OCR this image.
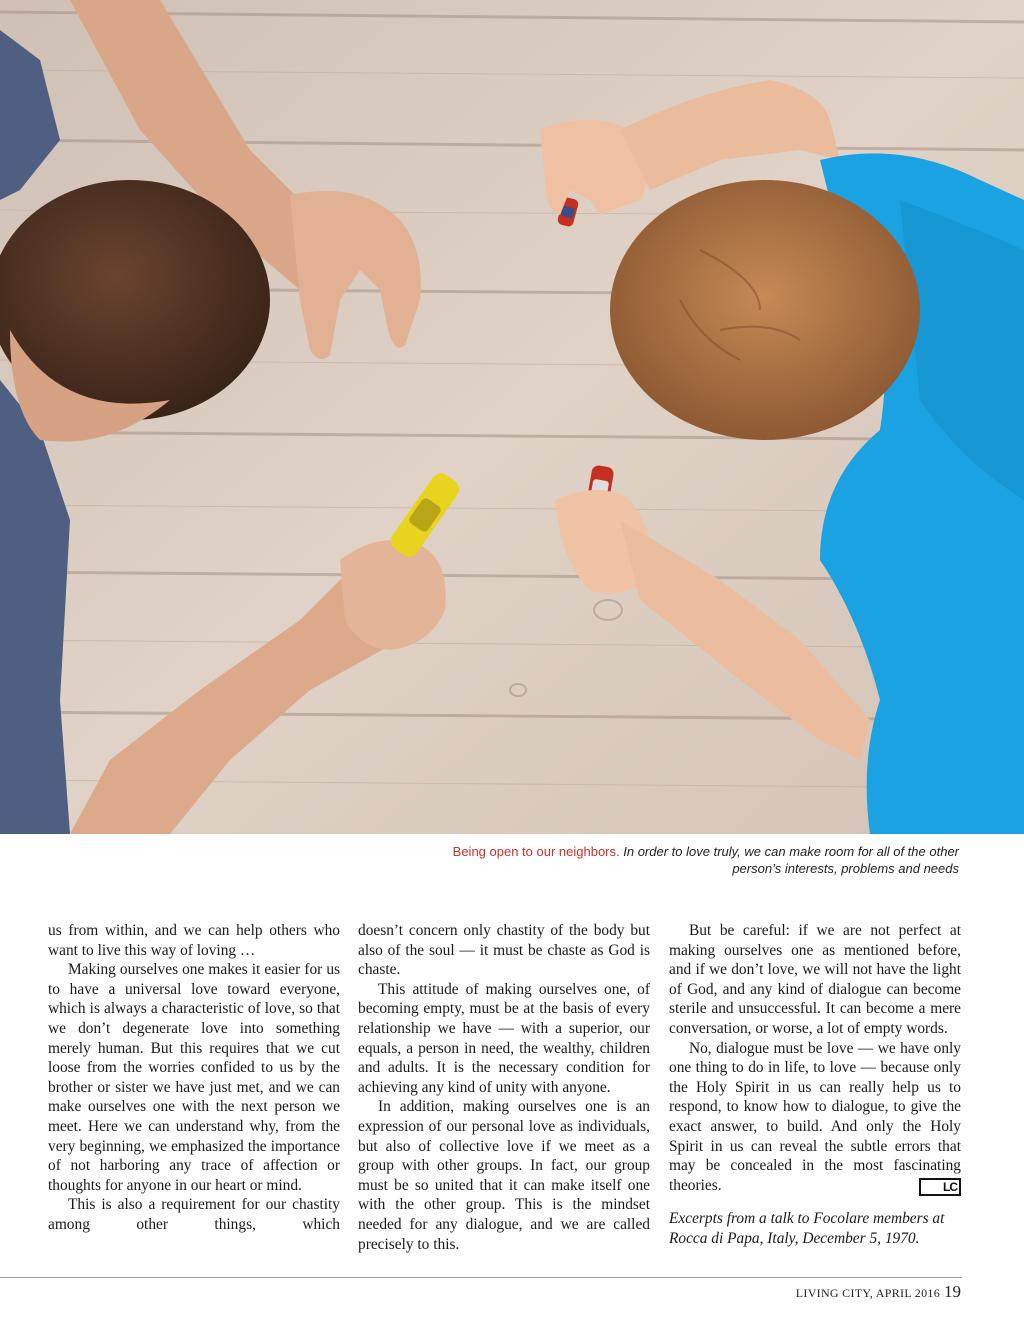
Being open to our neighbors. In order to love truly, we can make room for all of the other person’s interests, problems and needs

us from within, and we can help others who want to live this way of loving …

Making ourselves one makes it easier for us to have a universal love toward everyone, which is always a characteristic of love, so that we don’t degenerate love into something merely human. But this requires that we cut loose from the worries confided to us by the brother or sister we have just met, and we can make ourselves one with the next person we meet. Here we can understand why, from the very beginning, we emphasized the importance of not harboring any trace of affection or thoughts for anyone in our heart or mind.

This is also a requirement for our chastity among other things, which

doesn’t concern only chastity of the body but also of the soul — it must be chaste as God is chaste.

This attitude of making ourselves one, of becoming empty, must be at the basis of every relationship we have — with a superior, our equals, a person in need, the wealthy, children and adults. It is the necessary condition for achieving any kind of unity with anyone.

In addition, making ourselves one is an expression of our personal love as individuals, but also of collective love if we meet as a group with other groups. In fact, our group must be so united that it can make itself one with the other group. This is the mindset needed for any dialogue, and we are called precisely to this.

But be careful: if we are not perfect at making ourselves one as mentioned before, and if we don’t love, we will not have the light of God, and any kind of dialogue can become sterile and unsuccessful. It can become a mere conversation, or worse, a lot of empty words.

No, dialogue must be love — we have only one thing to do in life, to love — because only the Holy Spirit in us can really help us to respond, to know how to dialogue, to give the exact answer, to build. And only the Holy Spirit in us can reveal the subtle errors that may be concealed in the most fascinating theories.	LC

Excerpts from a talk to Focolare members at Rocca di Papa, Italy, December 5, 1970.

LIVING CITY, APRIL 2016 19
